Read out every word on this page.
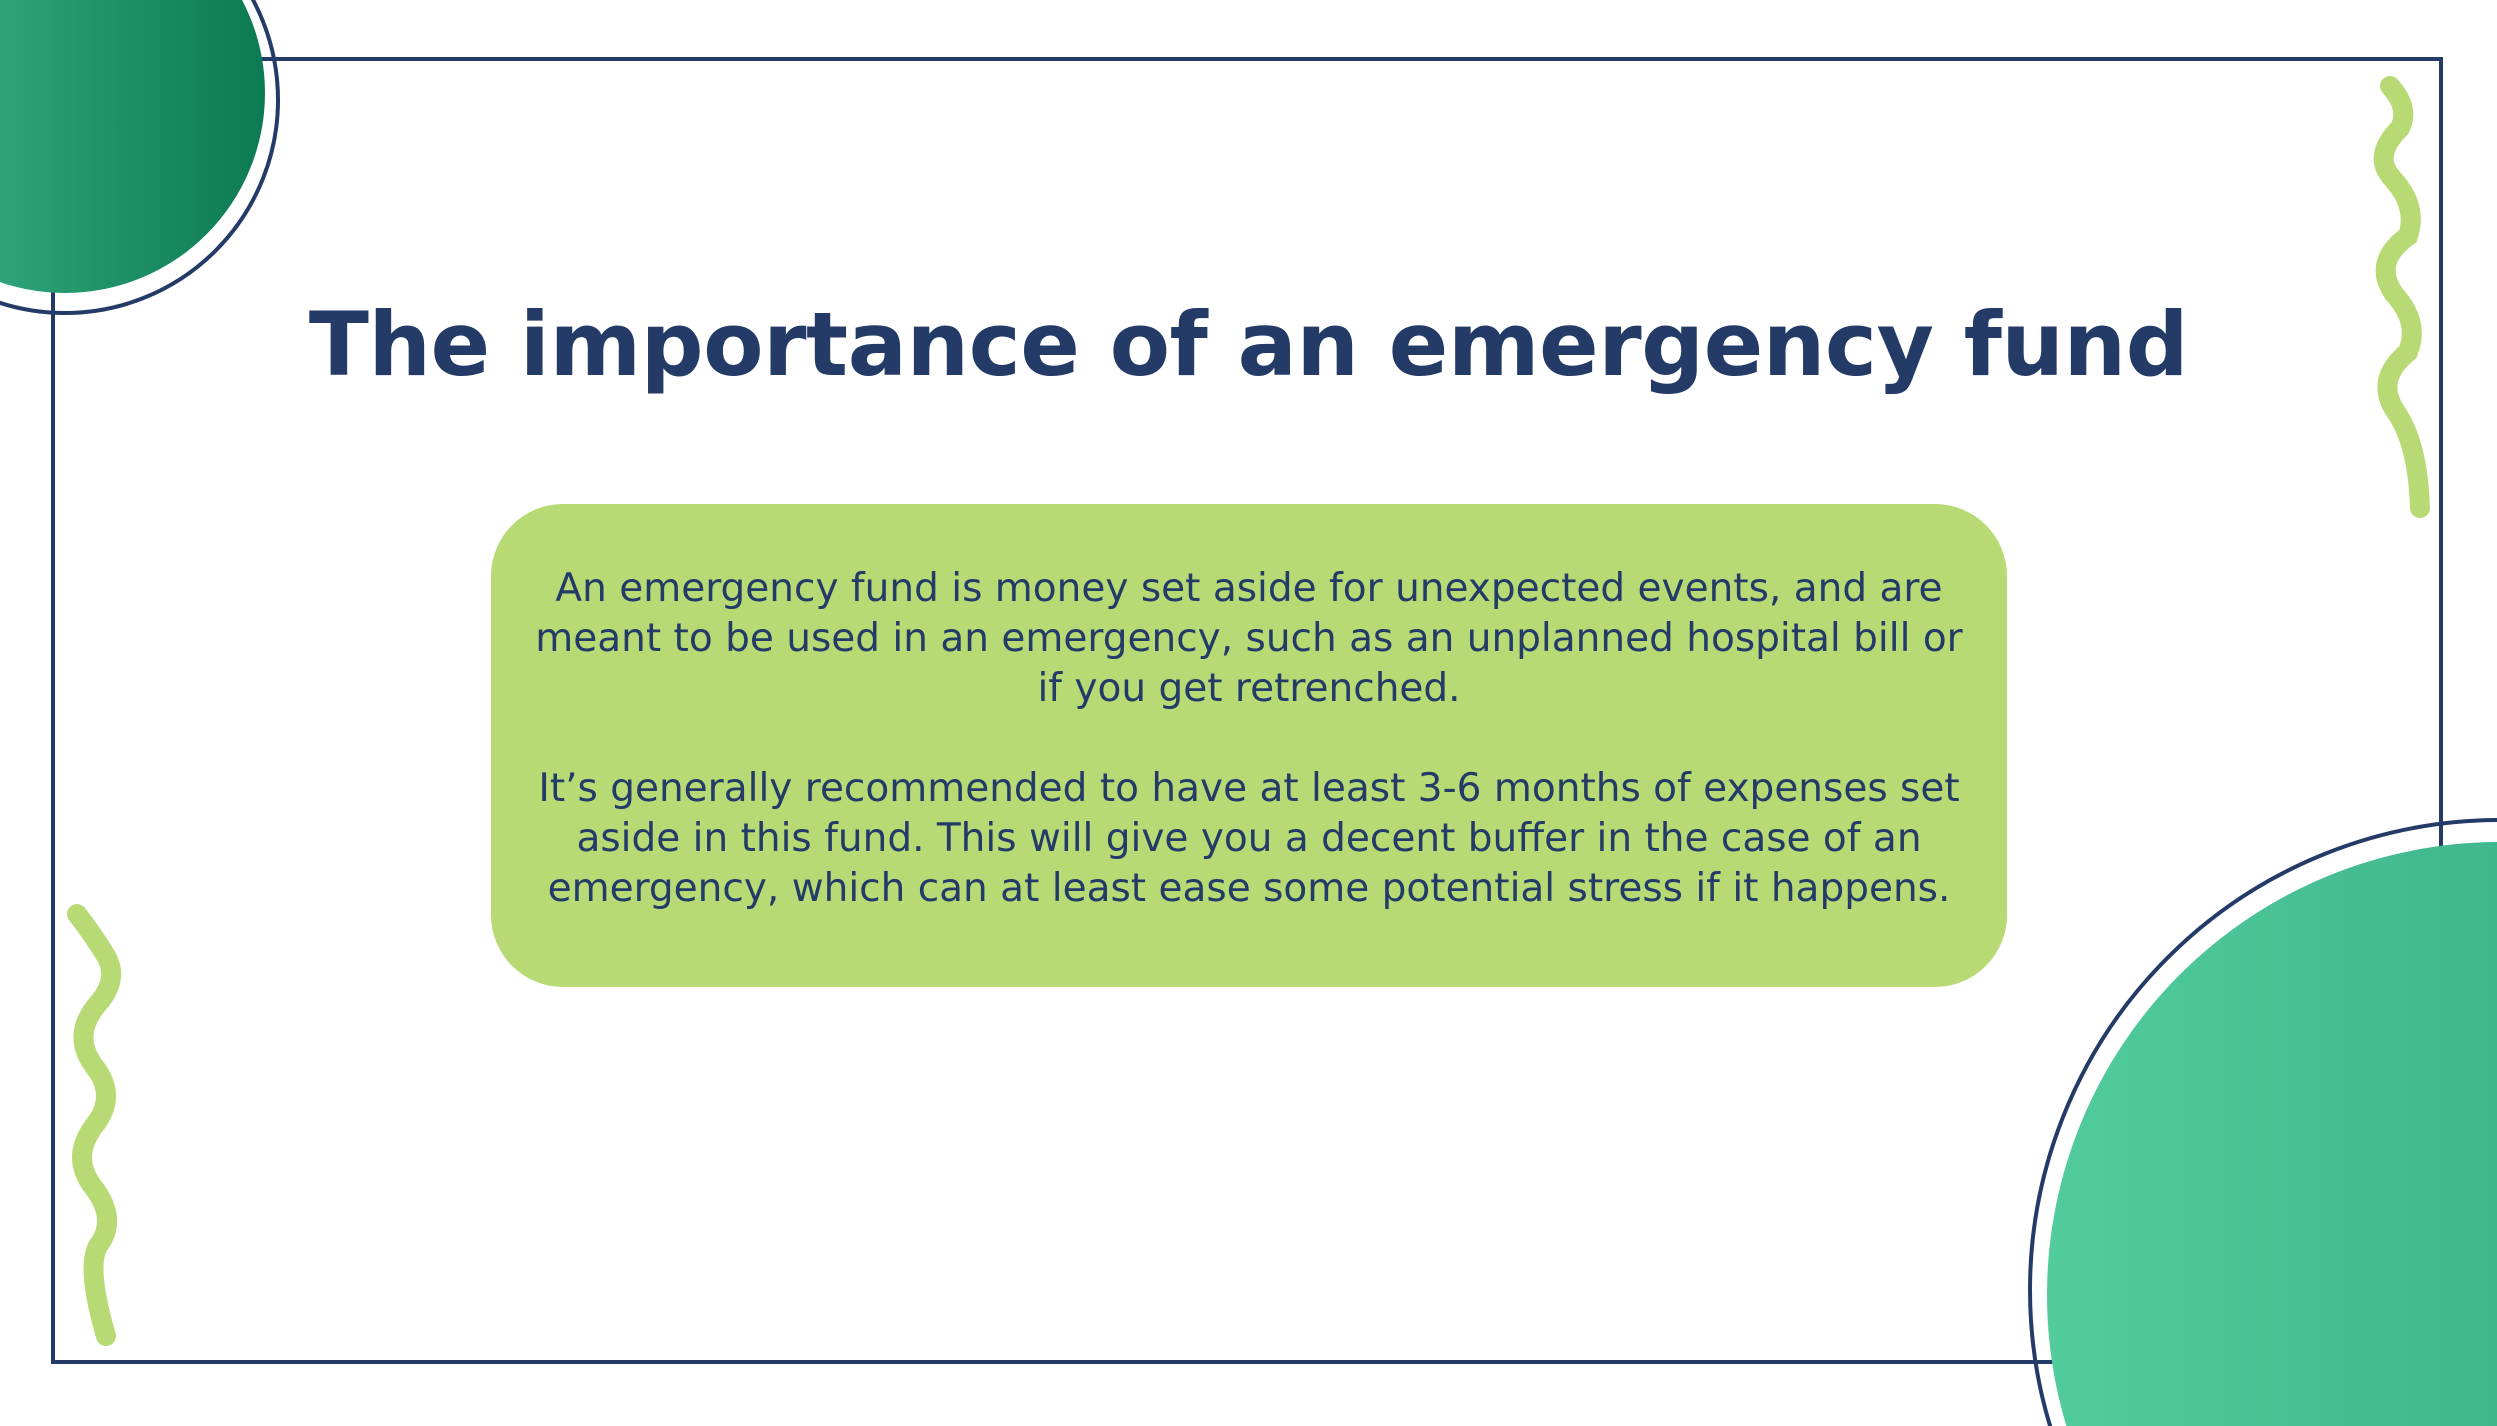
The importance of an emergency fund

An emergency fund is money set aside for unexpected events, and are meant to be used in an emergency, such as an unplanned hospital bill or if you get retrenched.

It’s generally recommended to have at least 3-6 months of expenses set aside in this fund. This will give you a decent buffer in the case of an emergency, which can at least ease some potential stress if it happens.
